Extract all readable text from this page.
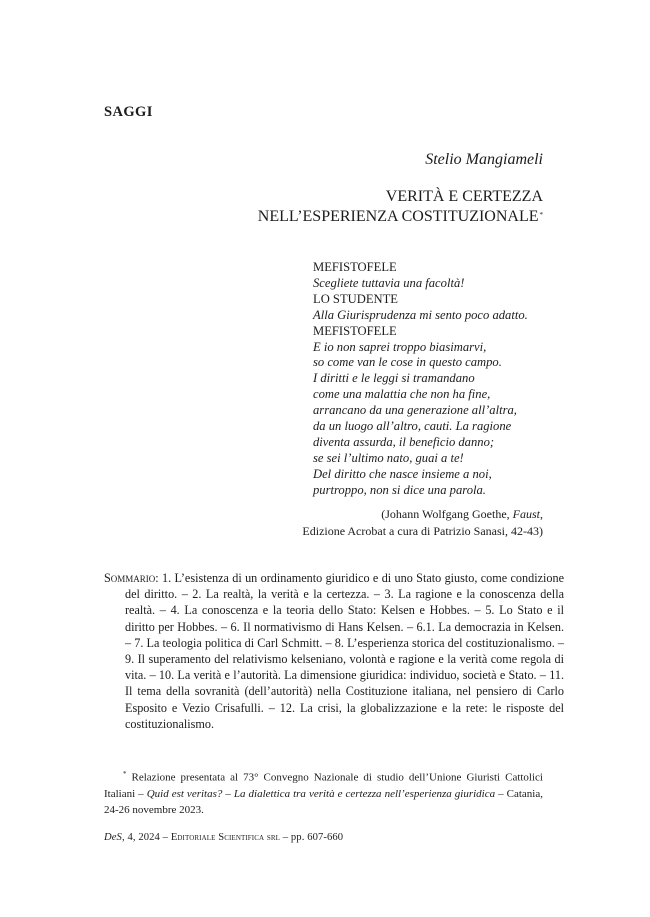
SAGGI
Stelio Mangiameli
VERITÀ E CERTEZZA
NELL’ESPERIENZA COSTITUZIONALE*
MEFISTOFELE
Scegliete tuttavia una facoltà!
LO STUDENTE
Alla Giurisprudenza mi sento poco adatto.
MEFISTOFELE
E io non saprei troppo biasimarvi,
so come van le cose in questo campo.
I diritti e le leggi si tramandano
come una malattia che non ha fine,
arrancano da una generazione all’altra,
da un luogo all’altro, cauti. La ragione
diventa assurda, il beneficio danno;
se sei l’ultimo nato, guai a te!
Del diritto che nasce insieme a noi,
purtroppo, non si dice una parola.
(Johann Wolfgang Goethe, Faust,
Edizione Acrobat a cura di Patrizio Sanasi, 42-43)
Sommario: 1. L’esistenza di un ordinamento giuridico e di uno Stato giusto, come condizione del diritto. – 2. La realtà, la verità e la certezza. – 3. La ragione e la conoscenza della realtà. – 4. La conoscenza e la teoria dello Stato: Kelsen e Hobbes. – 5. Lo Stato e il diritto per Hobbes. – 6. Il normativismo di Hans Kelsen. – 6.1. La democrazia in Kelsen. – 7. La teologia politica di Carl Schmitt. – 8. L’esperienza storica del costituzionalismo. – 9. Il superamento del relativismo kelseniano, volontà e ragione e la verità come regola di vita. – 10. La verità e l’autorità. La dimensione giuridica: individuo, società e Stato. – 11. Il tema della sovranità (dell’autorità) nella Costituzione italiana, nel pensiero di Carlo Esposito e Vezio Crisafulli. – 12. La crisi, la globalizzazione e la rete: le risposte del costituzionalismo.
* Relazione presentata al 73° Convegno Nazionale di studio dell’Unione Giuristi Cattolici Italiani – Quid est veritas? – La dialettica tra verità e certezza nell’esperienza giuridica – Catania, 24-26 novembre 2023.
DeS, 4, 2024 – Editoriale Scientifica srl – pp. 607-660
